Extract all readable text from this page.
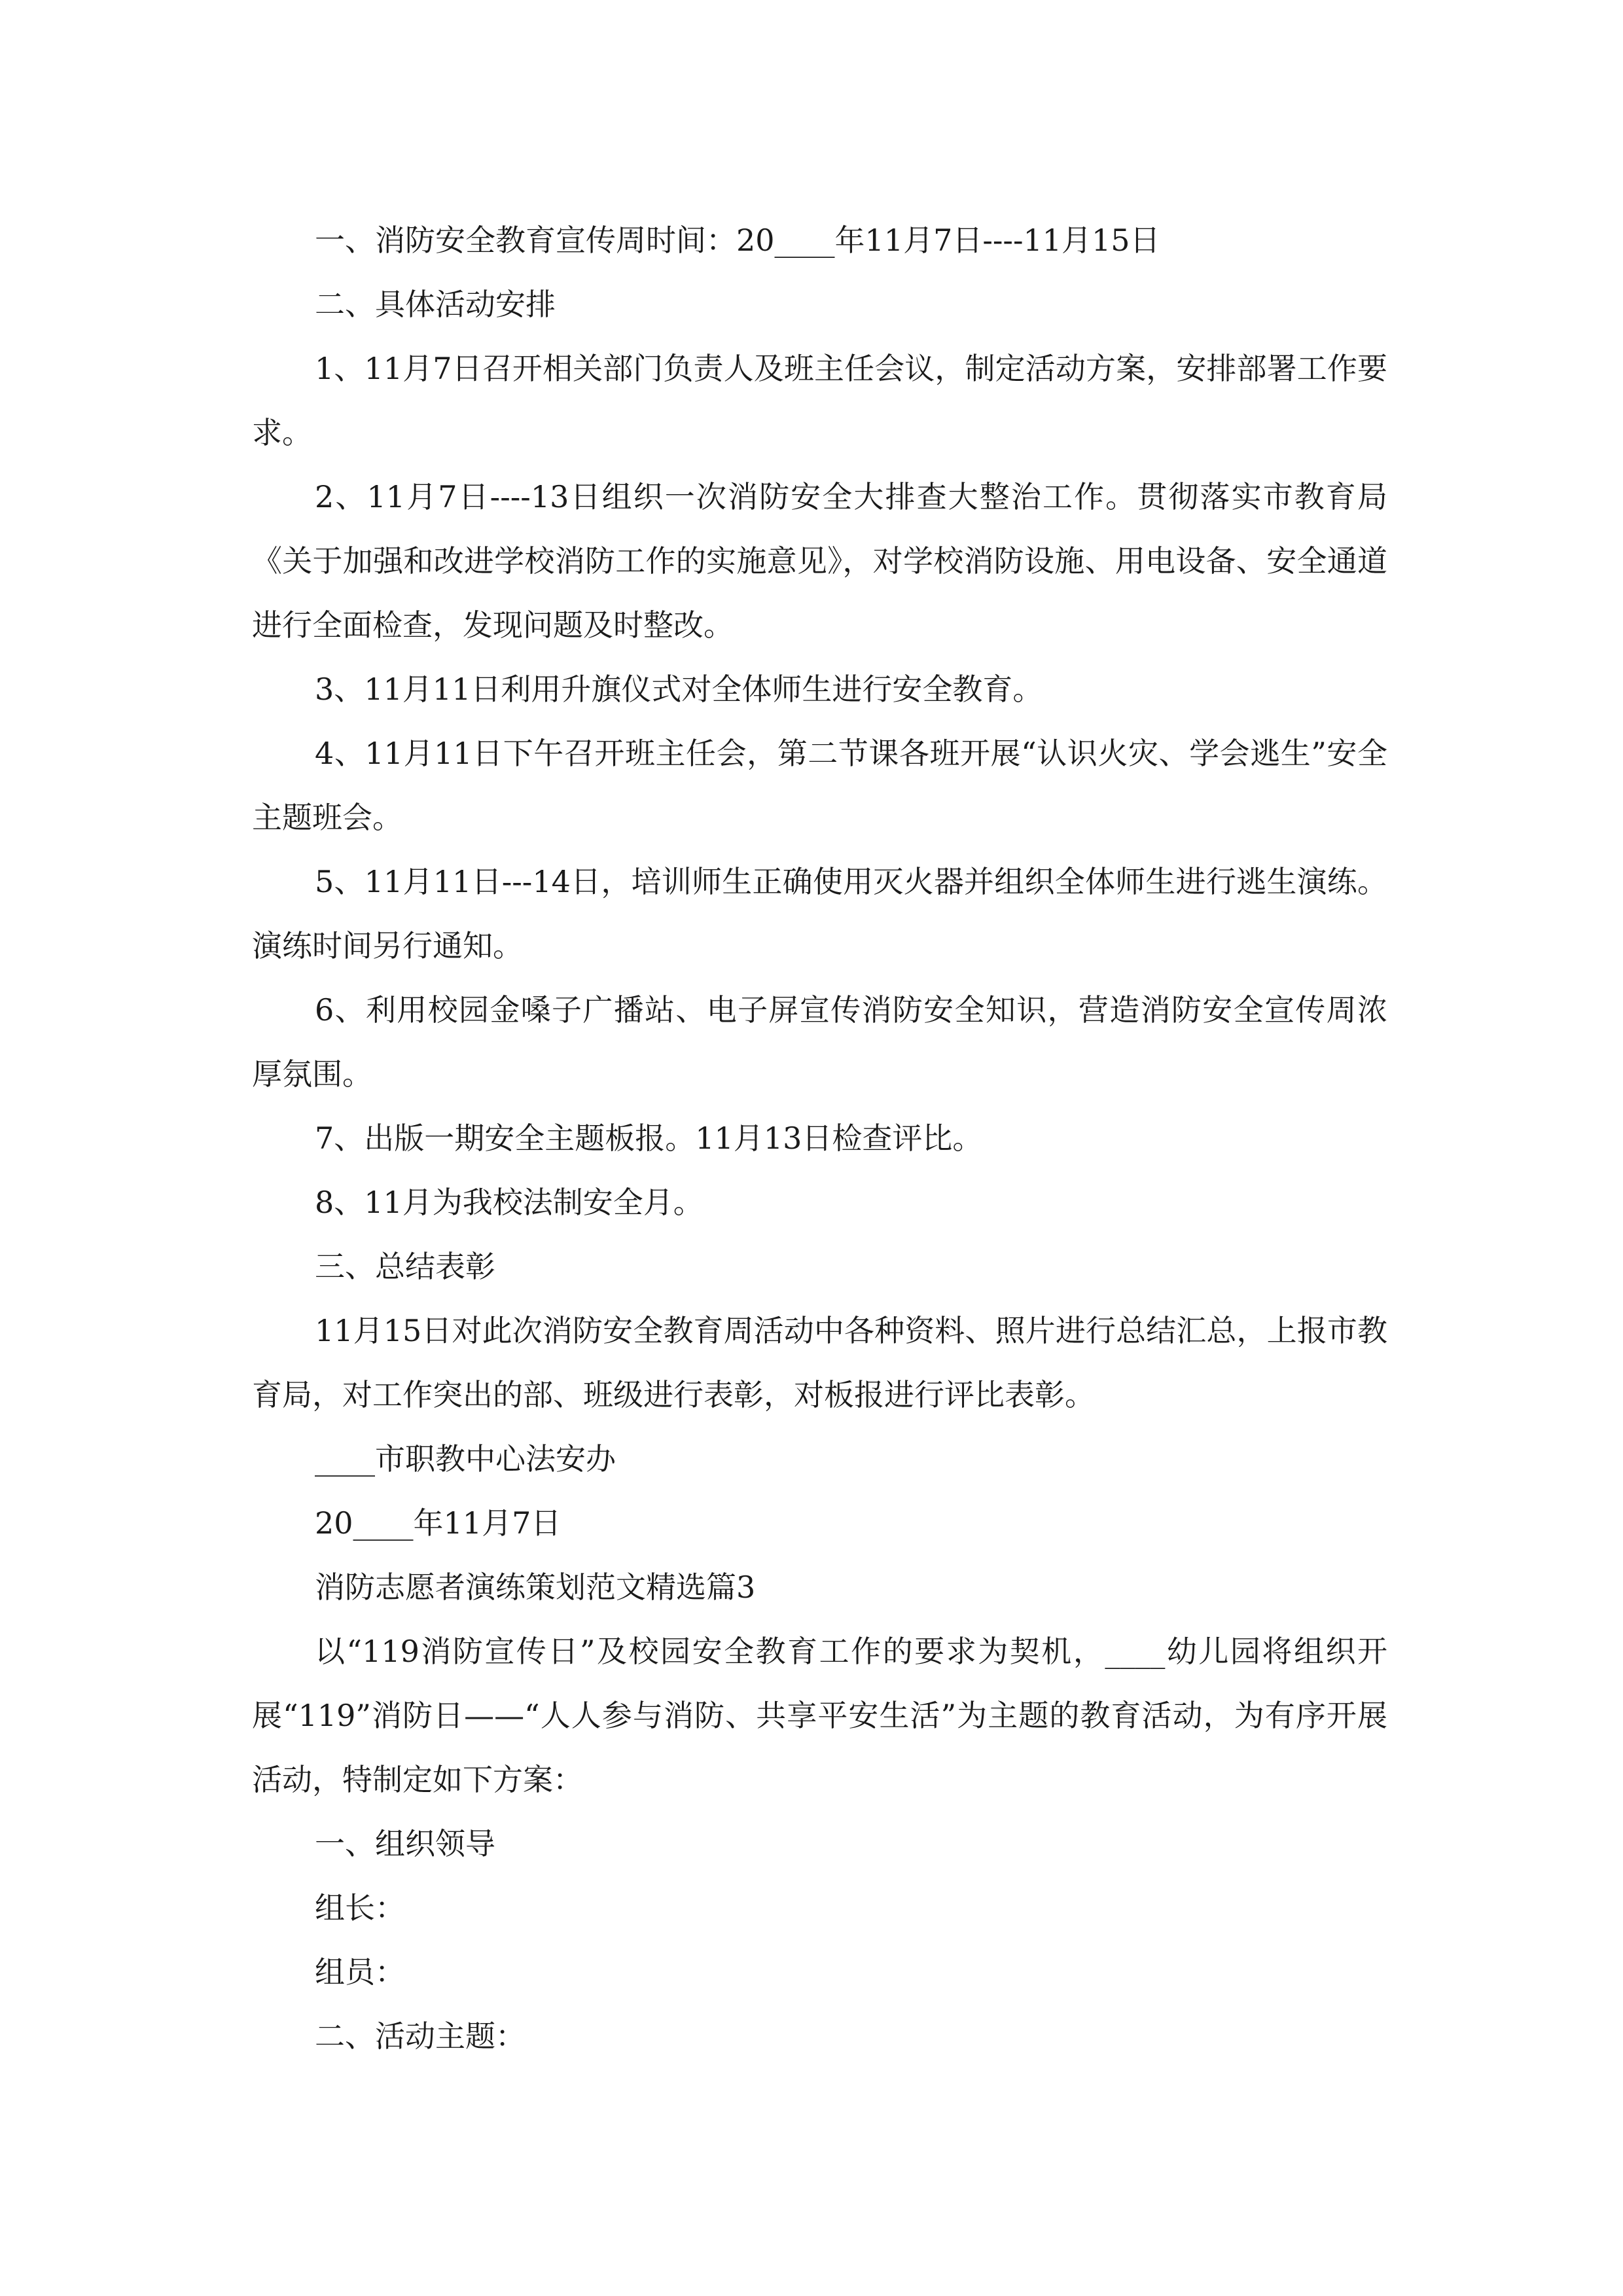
一、消防安全教育宣传周时间：20____年11月7日----11月15日

二、具体活动安排

1、11月7日召开相关部门负责人及班主任会议，制定活动方案，安排部署工作要求。

2、11月7日----13日组织一次消防安全大排查大整治工作。贯彻落实市教育局《关于加强和改进学校消防工作的实施意见》，对学校消防设施、用电设备、安全通道进行全面检查，发现问题及时整改。

3、11月11日利用升旗仪式对全体师生进行安全教育。

4、11月11日下午召开班主任会，第二节课各班开展“认识火灾、学会逃生”安全主题班会。

5、11月11日---14日，培训师生正确使用灭火器并组织全体师生进行逃生演练。演练时间另行通知。

6、利用校园金嗓子广播站、电子屏宣传消防安全知识，营造消防安全宣传周浓厚氛围。

7、出版一期安全主题板报。11月13日检查评比。

8、11月为我校法制安全月。

三、总结表彰

11月15日对此次消防安全教育周活动中各种资料、照片进行总结汇总，上报市教育局，对工作突出的部、班级进行表彰，对板报进行评比表彰。

____市职教中心法安办

20____年11月7日

消防志愿者演练策划范文精选篇3

以“119消防宣传日”及校园安全教育工作的要求为契机，____幼儿园将组织开展“119”消防日——“人人参与消防、共享平安生活”为主题的教育活动，为有序开展活动，特制定如下方案：

一、组织领导

组长：

组员：

二、活动主题：
